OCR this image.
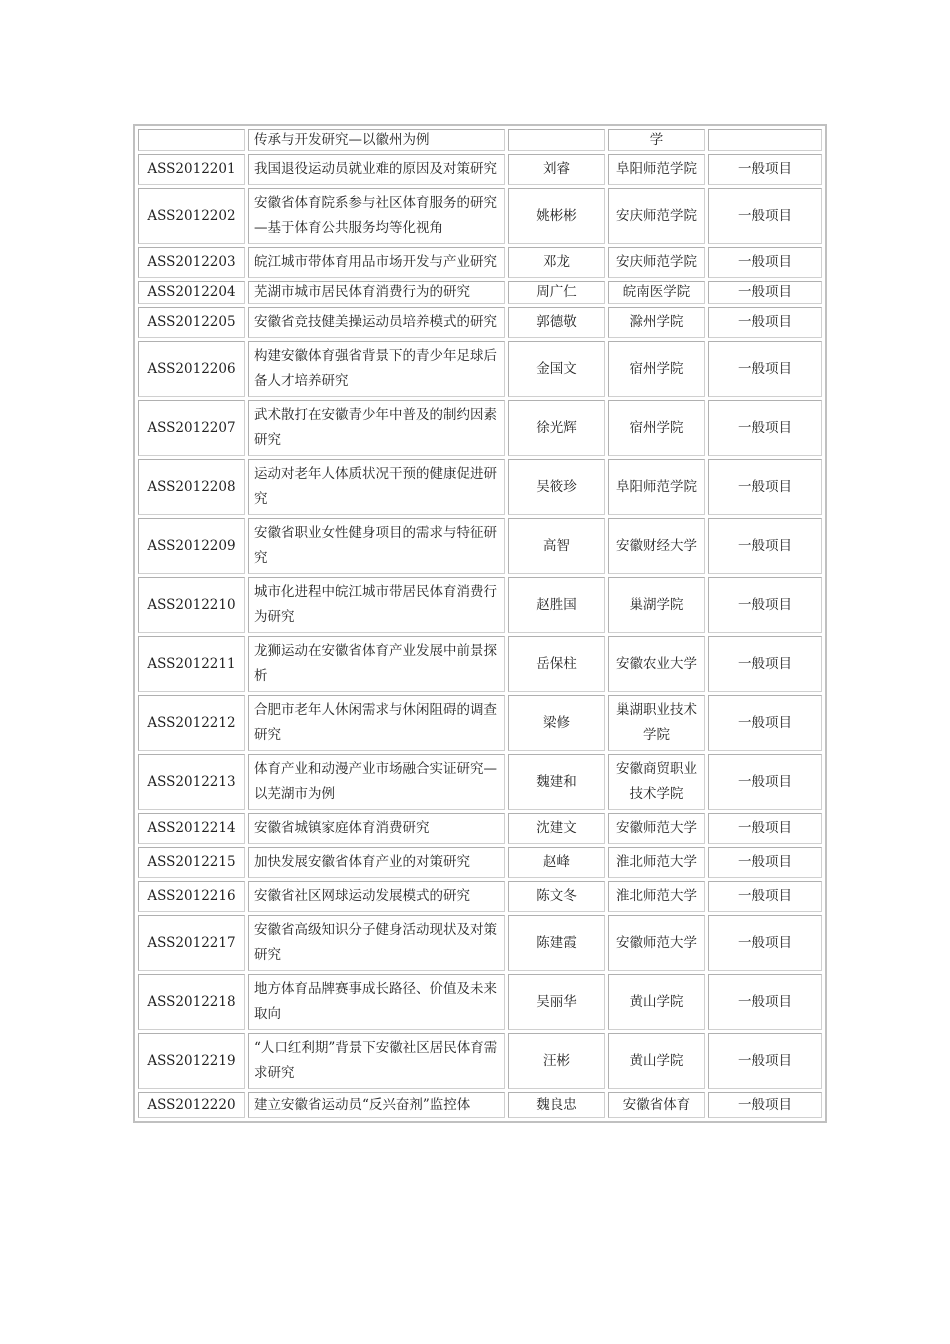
	传承与开发研究—以徽州为例		学	
ASS2012201	我国退役运动员就业难的原因及对策研究	刘睿	阜阳师范学院	一般项目
ASS2012202	安徽省体育院系参与社区体育服务的研究—基于体育公共服务均等化视角	姚彬彬	安庆师范学院	一般项目
ASS2012203	皖江城市带体育用品市场开发与产业研究	邓龙	安庆师范学院	一般项目
ASS2012204	芜湖市城市居民体育消费行为的研究	周广仁	皖南医学院	一般项目
ASS2012205	安徽省竞技健美操运动员培养模式的研究	郭德敬	滁州学院	一般项目
ASS2012206	构建安徽体育强省背景下的青少年足球后备人才培养研究	金国文	宿州学院	一般项目
ASS2012207	武术散打在安徽青少年中普及的制约因素研究	徐光辉	宿州学院	一般项目
ASS2012208	运动对老年人体质状况干预的健康促进研究	吴筱珍	阜阳师范学院	一般项目
ASS2012209	安徽省职业女性健身项目的需求与特征研究	高智	安徽财经大学	一般项目
ASS2012210	城市化进程中皖江城市带居民体育消费行为研究	赵胜国	巢湖学院	一般项目
ASS2012211	龙狮运动在安徽省体育产业发展中前景探析	岳保柱	安徽农业大学	一般项目
ASS2012212	合肥市老年人休闲需求与休闲阻碍的调查研究	梁修	巢湖职业技术学院	一般项目
ASS2012213	体育产业和动漫产业市场融合实证研究—以芜湖市为例	魏建和	安徽商贸职业技术学院	一般项目
ASS2012214	安徽省城镇家庭体育消费研究	沈建文	安徽师范大学	一般项目
ASS2012215	加快发展安徽省体育产业的对策研究	赵峰	淮北师范大学	一般项目
ASS2012216	安徽省社区网球运动发展模式的研究	陈文冬	淮北师范大学	一般项目
ASS2012217	安徽省高级知识分子健身活动现状及对策研究	陈建霞	安徽师范大学	一般项目
ASS2012218	地方体育品牌赛事成长路径、价值及未来取向	吴丽华	黄山学院	一般项目
ASS2012219	“人口红利期”背景下安徽社区居民体育需求研究	汪彬	黄山学院	一般项目
ASS2012220	建立安徽省运动员“反兴奋剂”监控体	魏良忠	安徽省体育	一般项目
